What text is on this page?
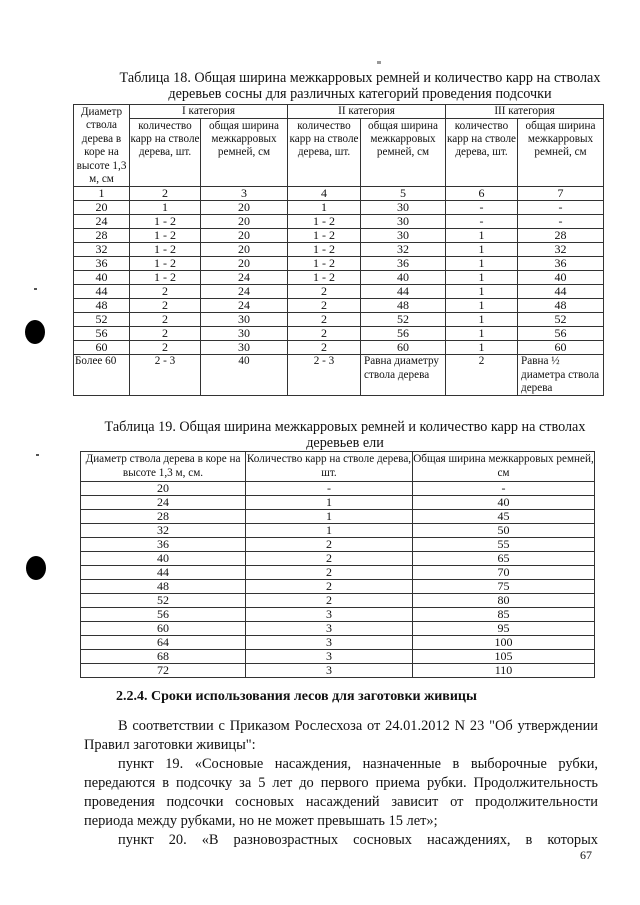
Таблица 18. Общая ширина межкарровых ремней и количество карр на стволах
деревьев сосны для различных категорий проведения подсочки
Диаметр ствола дерева в коре на высоте 1,3 м, см	I категория		II категория		III категория	
	количество карр на стволе дерева, шт.	общая ширина межкарровых ремней, см	количество карр на стволе дерева, шт.	общая ширина межкарровых ремней, см	количество карр на стволе дерева, шт.	общая ширина межкарровых ремней, см
1	2	3	4	5	6	7
20	1	20	1	30	-	-
24	1 - 2	20	1 - 2	30	-	-
28	1 - 2	20	1 - 2	30	1	28
32	1 - 2	20	1 - 2	32	1	32
36	1 - 2	20	1 - 2	36	1	36
40	1 - 2	24	1 - 2	40	1	40
44	2	24	2	44	1	44
48	2	24	2	48	1	48
52	2	30	2	52	1	52
56	2	30	2	56	1	56
60	2	30	2	60	1	60
Более 60	2 - 3	40	2 - 3	Равна диаметру ствола дерева	2	Равна ½ диаметра ствола дерева
Таблица 19. Общая ширина межкарровых ремней и количество карр на стволах
деревьев ели
Диаметр ствола дерева в коре на высоте 1,3 м, см.	Количество карр на стволе дерева, шт.	Общая ширина межкарровых ремней, см
20	-	-
24	1	40
28	1	45
32	1	50
36	2	55
40	2	65
44	2	70
48	2	75
52	2	80
56	3	85
60	3	95
64	3	100
68	3	105
72	3	110
2.2.4. Сроки использования лесов для заготовки живицы
В соответствии с Приказом Рослесхоза от 24.01.2012 N 23 "Об утверждении Правил заготовки живицы":
пункт 19. «Сосновые насаждения, назначенные в выборочные рубки, передаются в подсочку за 5 лет до первого приема рубки. Продолжительность проведения подсочки сосновых насаждений зависит от продолжительности периода между рубками, но не может превышать 15 лет»;
пункт 20. «В разновозрастных сосновых насаждениях, в которых
67
